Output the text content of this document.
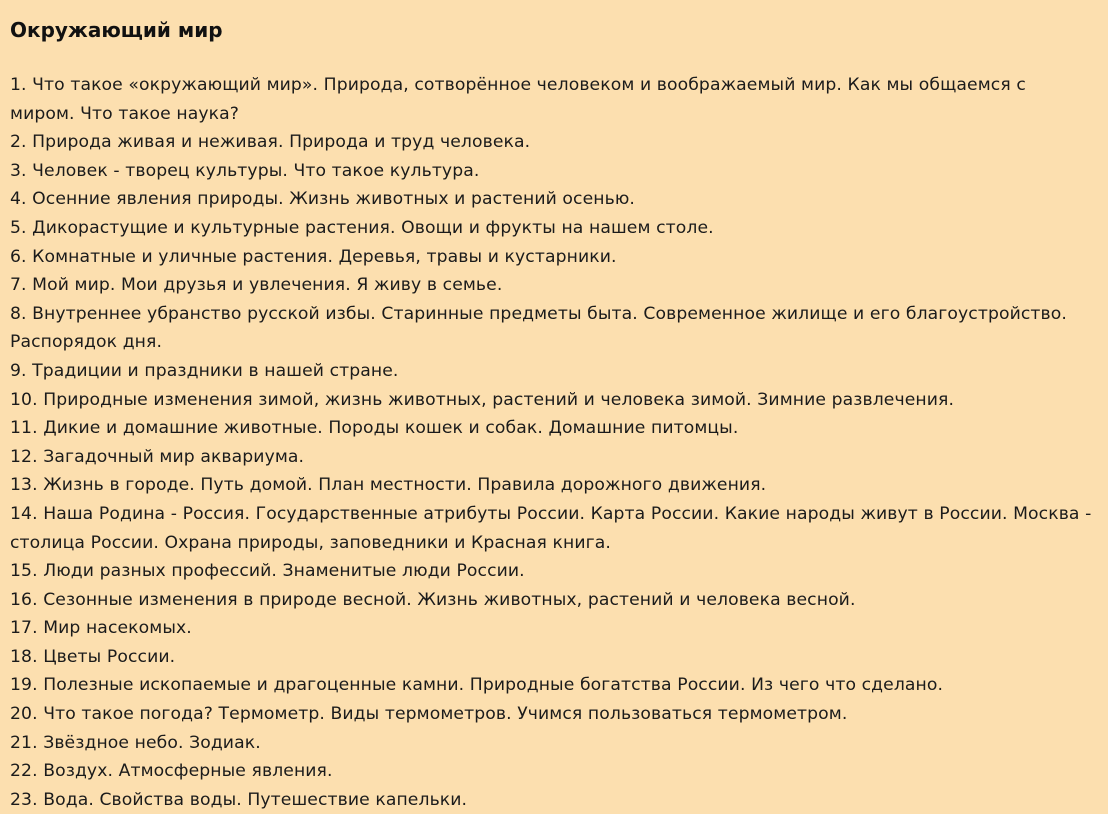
Окружающий мир
1. Что такое «окружающий мир». Природа, сотворённое человеком и воображаемый мир. Как мы общаемся с миром. Что такое наука?
2. Природа живая и неживая. Природа и труд человека.
3. Человек - творец культуры. Что такое культура.
4. Осенние явления природы. Жизнь животных и растений осенью.
5. Дикорастущие и культурные растения. Овощи и фрукты на нашем столе.
6. Комнатные и уличные растения. Деревья, травы и кустарники.
7. Мой мир. Мои друзья и увлечения. Я живу в семье.
8. Внутреннее убранство русской избы. Старинные предметы быта. Современное жилище и его благоустройство. Распорядок дня.
9. Традиции и праздники в нашей стране.
10. Природные изменения зимой, жизнь животных, растений и человека зимой. Зимние развлечения.
11. Дикие и домашние животные. Породы кошек и собак. Домашние питомцы.
12. Загадочный мир аквариума.
13. Жизнь в городе. Путь домой. План местности. Правила дорожного движения.
14. Наша Родина - Россия. Государственные атрибуты России. Карта России. Какие народы живут в России. Москва - столица России. Охрана природы, заповедники и Красная книга.
15. Люди разных профессий. Знаменитые люди России.
16. Сезонные изменения в природе весной. Жизнь животных, растений и человека весной.
17. Мир насекомых.
18. Цветы России.
19. Полезные ископаемые и драгоценные камни. Природные богатства России. Из чего что сделано.
20. Что такое погода? Термометр. Виды термометров. Учимся пользоваться термометром.
21. Звёздное небо. Зодиак.
22. Воздух. Атмосферные явления.
23. Вода. Свойства воды. Путешествие капельки.
